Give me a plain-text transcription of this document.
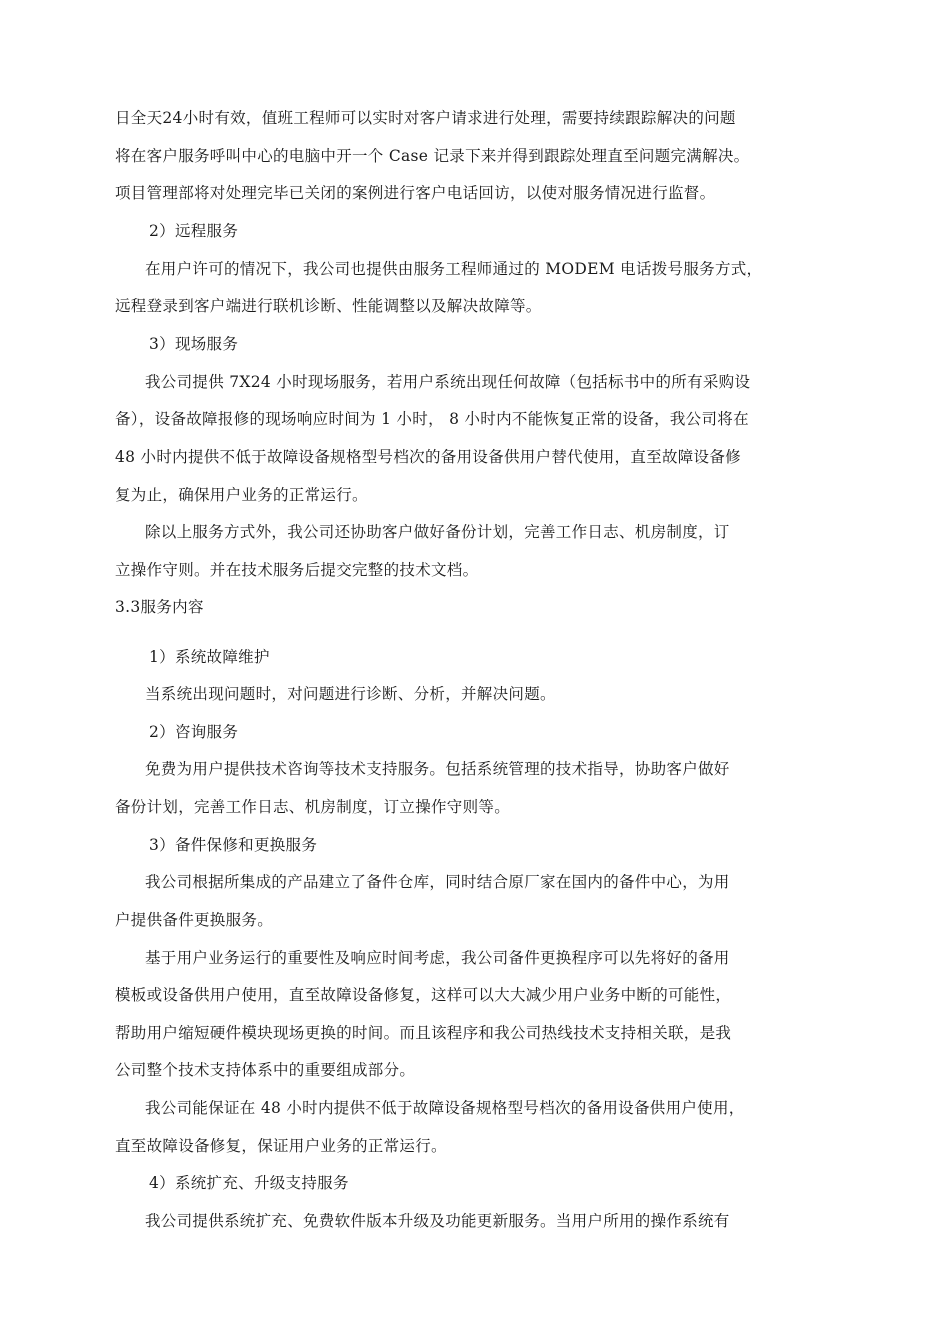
日全天24小时有效，值班工程师可以实时对客户请求进行处理，需要持续跟踪解决的问题
将在客户服务呼叫中心的电脑中开一个 Case 记录下来并得到跟踪处理直至问题完满解决。
项目管理部将对处理完毕已关闭的案例进行客户电话回访，以使对服务情况进行监督。
2）远程服务
在用户许可的情况下，我公司也提供由服务工程师通过的 MODEM 电话拨号服务方式，
远程登录到客户端进行联机诊断、性能调整以及解决故障等。
3）现场服务
我公司提供 7X24 小时现场服务，若用户系统出现任何故障（包括标书中的所有采购设
备），设备故障报修的现场响应时间为 1 小时， 8 小时内不能恢复正常的设备，我公司将在
48 小时内提供不低于故障设备规格型号档次的备用设备供用户替代使用，直至故障设备修
复为止，确保用户业务的正常运行。
除以上服务方式外，我公司还协助客户做好备份计划，完善工作日志、机房制度，订
立操作守则。并在技术服务后提交完整的技术文档。
3.3服务内容
1）系统故障维护
当系统出现问题时，对问题进行诊断、分析，并解决问题。
2）咨询服务
免费为用户提供技术咨询等技术支持服务。包括系统管理的技术指导，协助客户做好
备份计划，完善工作日志、机房制度，订立操作守则等。
3）备件保修和更换服务
我公司根据所集成的产品建立了备件仓库，同时结合原厂家在国内的备件中心，为用
户提供备件更换服务。
基于用户业务运行的重要性及响应时间考虑，我公司备件更换程序可以先将好的备用
模板或设备供用户使用，直至故障设备修复，这样可以大大减少用户业务中断的可能性，
帮助用户缩短硬件模块现场更换的时间。而且该程序和我公司热线技术支持相关联，是我
公司整个技术支持体系中的重要组成部分。
我公司能保证在 48 小时内提供不低于故障设备规格型号档次的备用设备供用户使用，
直至故障设备修复，保证用户业务的正常运行。
4）系统扩充、升级支持服务
我公司提供系统扩充、免费软件版本升级及功能更新服务。当用户所用的操作系统有
